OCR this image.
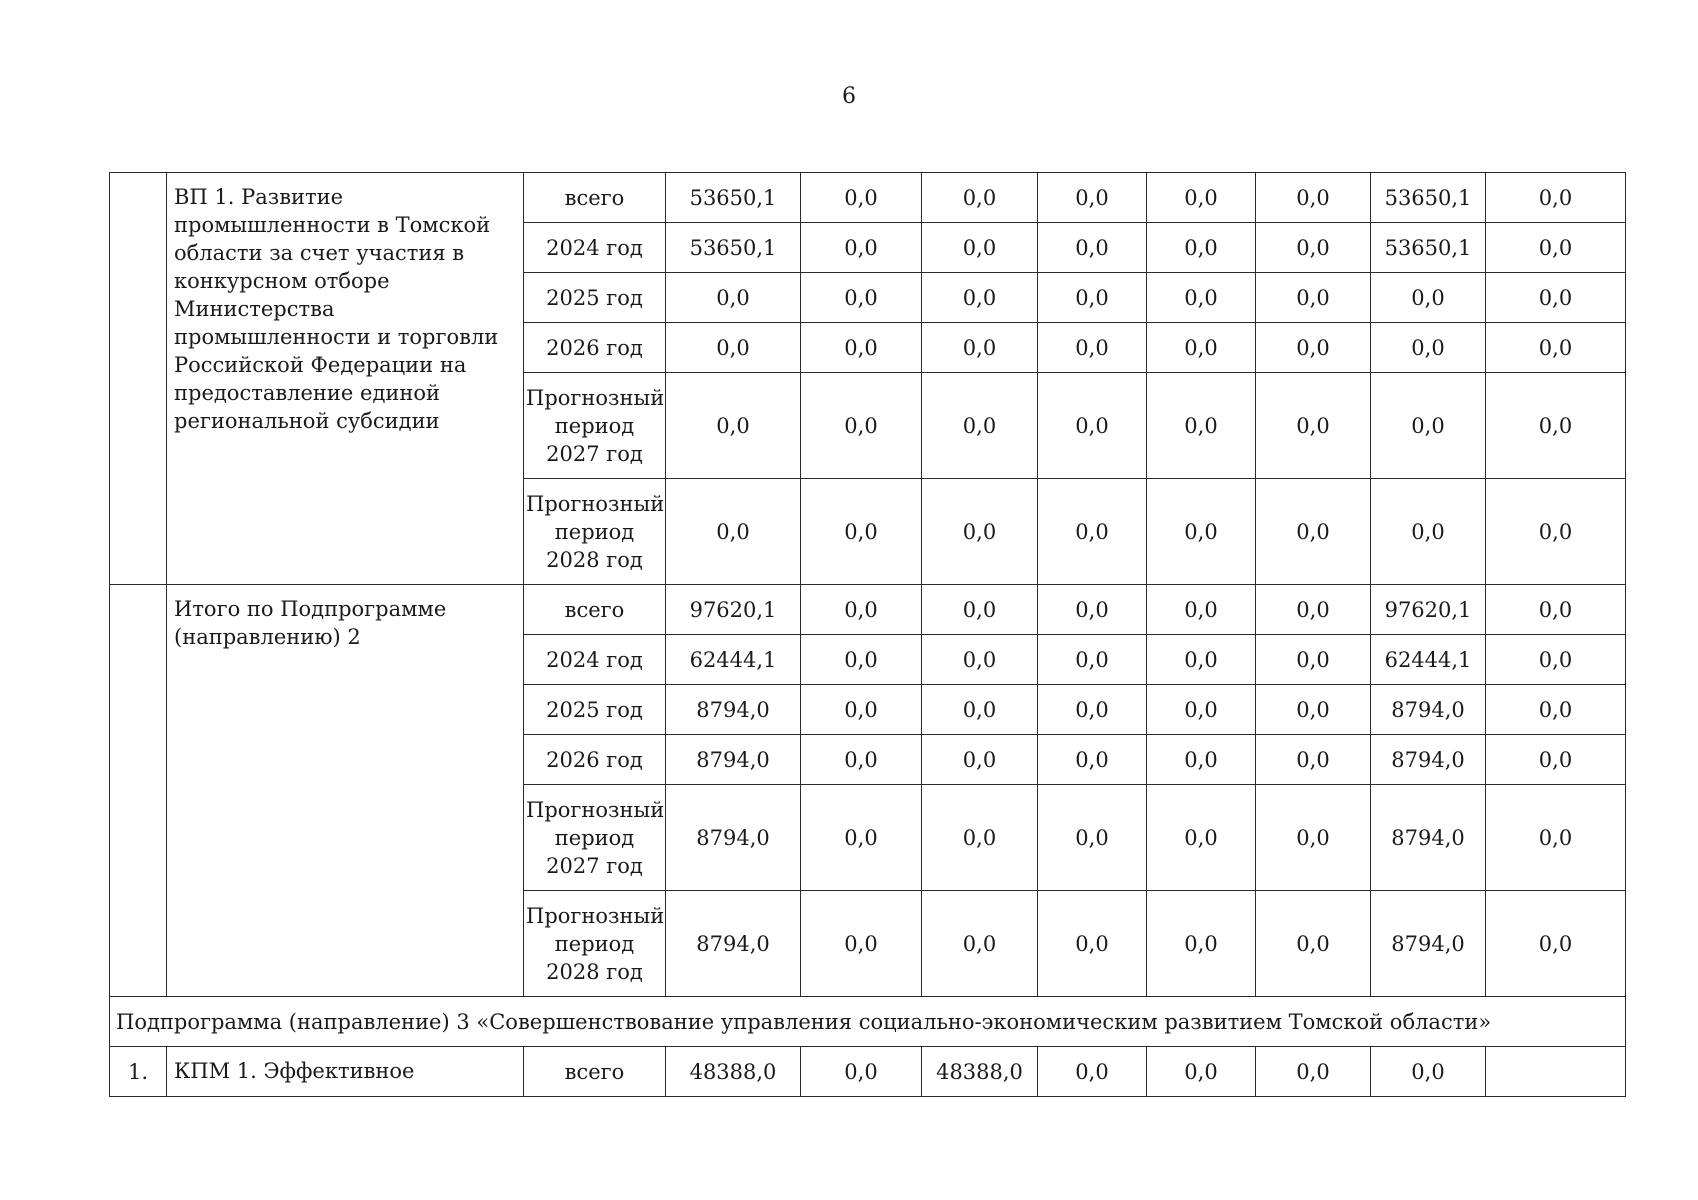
6
	ВП 1. Развитие промышленности в Томской области за счет участия в конкурсном отборе Министерства промышленности и торговли Российской Федерации на предоставление единой региональной субсидии	всего	53650,1	0,0	0,0	0,0	0,0	0,0	53650,1	0,0
		2024 год	53650,1	0,0	0,0	0,0	0,0	0,0	53650,1	0,0
		2025 год	0,0	0,0	0,0	0,0	0,0	0,0	0,0	0,0
		2026 год	0,0	0,0	0,0	0,0	0,0	0,0	0,0	0,0
		Прогнозный период 2027 год	0,0	0,0	0,0	0,0	0,0	0,0	0,0	0,0
		Прогнозный период 2028 год	0,0	0,0	0,0	0,0	0,0	0,0	0,0	0,0
	Итого по Подпрограмме (направлению) 2	всего	97620,1	0,0	0,0	0,0	0,0	0,0	97620,1	0,0
		2024 год	62444,1	0,0	0,0	0,0	0,0	0,0	62444,1	0,0
		2025 год	8794,0	0,0	0,0	0,0	0,0	0,0	8794,0	0,0
		2026 год	8794,0	0,0	0,0	0,0	0,0	0,0	8794,0	0,0
		Прогнозный период 2027 год	8794,0	0,0	0,0	0,0	0,0	0,0	8794,0	0,0
		Прогнозный период 2028 год	8794,0	0,0	0,0	0,0	0,0	0,0	8794,0	0,0
Подпрограмма (направление) 3 «Совершенствование управления социально-экономическим развитием Томской области»										
1.	КПМ 1. Эффективное	всего	48388,0	0,0	48388,0	0,0	0,0	0,0	0,0	
